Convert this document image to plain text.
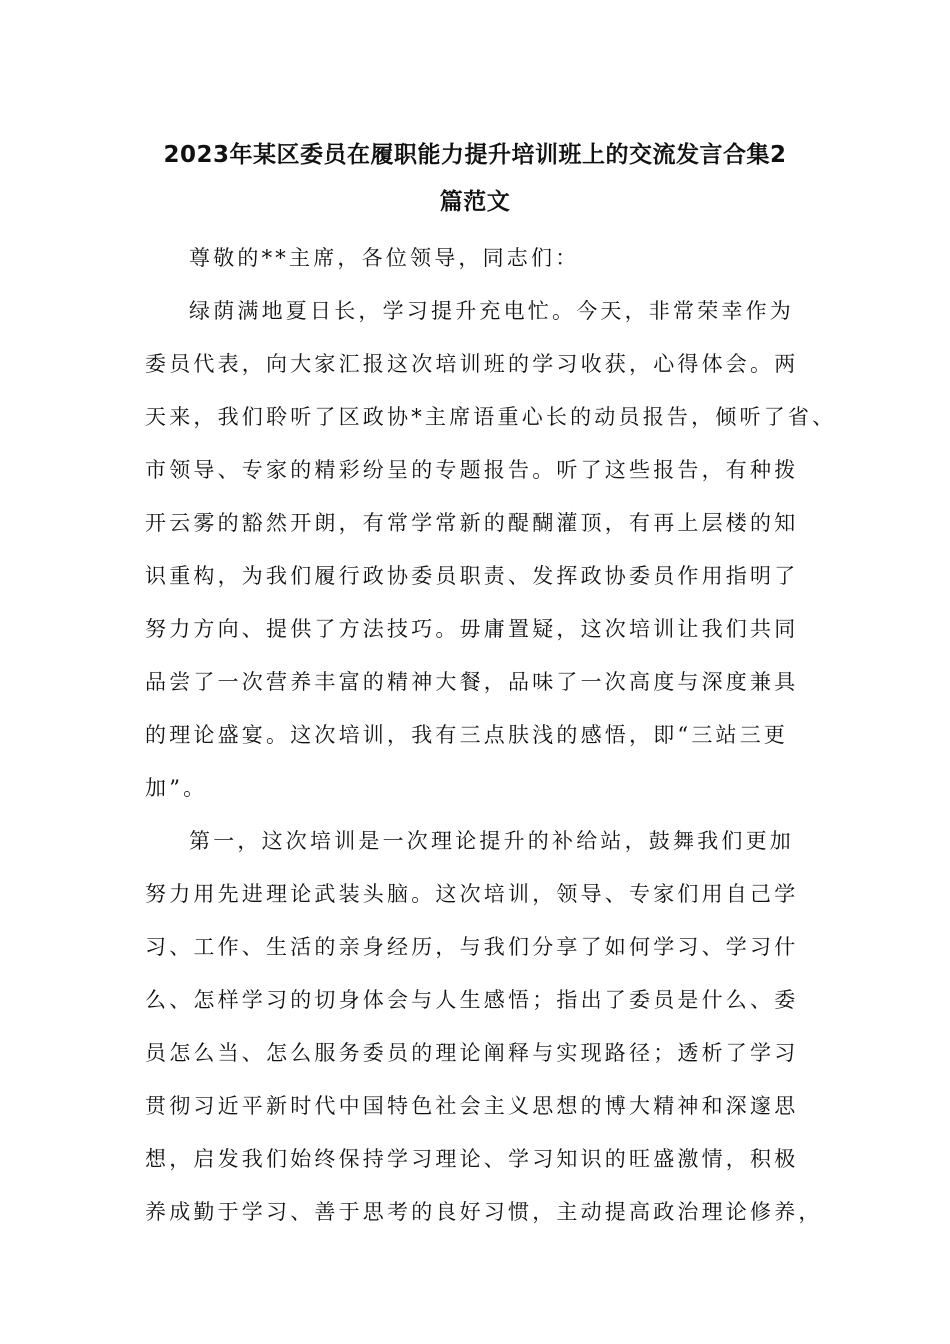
2023年某区委员在履职能力提升培训班上的交流发言合集2
篇范文
尊敬的**主席，各位领导，同志们：
绿荫满地夏日长，学习提升充电忙。今天，非常荣幸作为
委员代表，向大家汇报这次培训班的学习收获，心得体会。两
天来，我们聆听了区政协*主席语重心长的动员报告，倾听了省、
市领导、专家的精彩纷呈的专题报告。听了这些报告，有种拨
开云雾的豁然开朗，有常学常新的醍醐灌顶，有再上层楼的知
识重构，为我们履行政协委员职责、发挥政协委员作用指明了
努力方向、提供了方法技巧。毋庸置疑，这次培训让我们共同
品尝了一次营养丰富的精神大餐，品味了一次高度与深度兼具
的理论盛宴。这次培训，我有三点肤浅的感悟，即“三站三更
加”。
第一，这次培训是一次理论提升的补给站，鼓舞我们更加
努力用先进理论武装头脑。这次培训，领导、专家们用自己学
习、工作、生活的亲身经历，与我们分享了如何学习、学习什
么、怎样学习的切身体会与人生感悟；指出了委员是什么、委
员怎么当、怎么服务委员的理论阐释与实现路径；透析了学习
贯彻习近平新时代中国特色社会主义思想的博大精神和深邃思
想，启发我们始终保持学习理论、学习知识的旺盛激情，积极
养成勤于学习、善于思考的良好习惯，主动提高政治理论修养，
